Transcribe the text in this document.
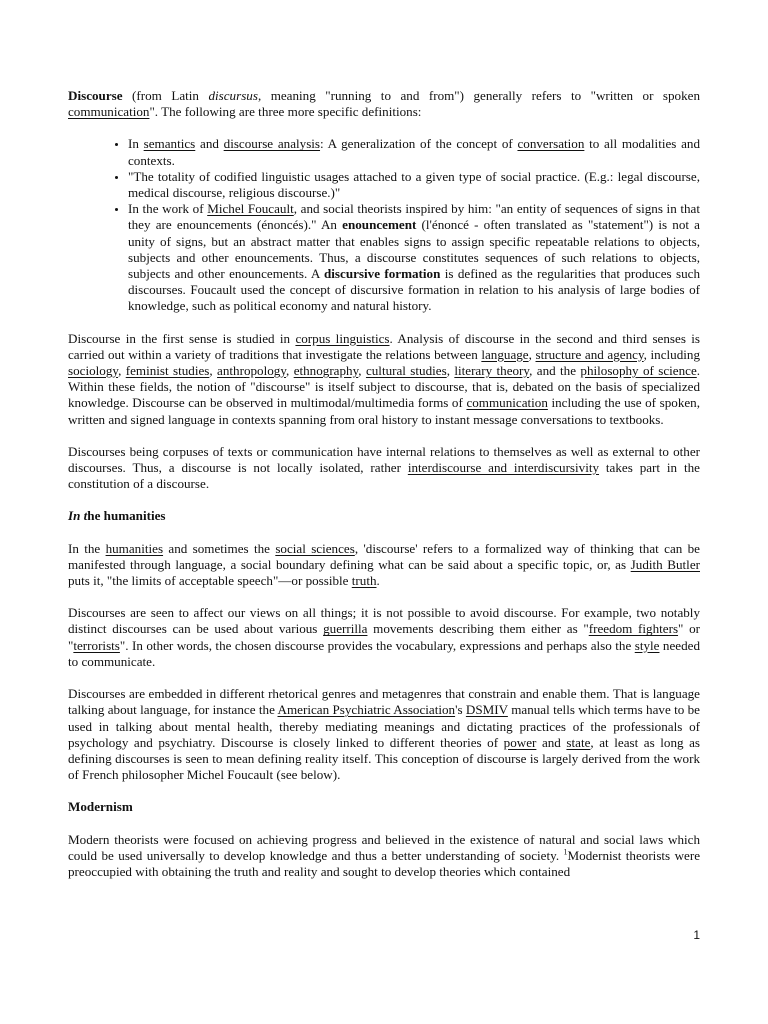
Discourse (from Latin discursus, meaning "running to and from") generally refers to "written or spoken communication". The following are three more specific definitions:

• In semantics and discourse analysis: A generalization of the concept of conversation to all modalities and contexts.
• "The totality of codified linguistic usages attached to a given type of social practice. (E.g.: legal discourse, medical discourse, religious discourse.)"
• In the work of Michel Foucault, and social theorists inspired by him: "an entity of sequences of signs in that they are enouncements (énoncés)." An enouncement (l'énoncé - often translated as "statement") is not a unity of signs, but an abstract matter that enables signs to assign specific repeatable relations to objects, subjects and other enouncements. Thus, a discourse constitutes sequences of such relations to objects, subjects and other enouncements. A discursive formation is defined as the regularities that produces such discourses. Foucault used the concept of discursive formation in relation to his analysis of large bodies of knowledge, such as political economy and natural history.

Discourse in the first sense is studied in corpus linguistics. Analysis of discourse in the second and third senses is carried out within a variety of traditions that investigate the relations between language, structure and agency, including sociology, feminist studies, anthropology, ethnography, cultural studies, literary theory, and the philosophy of science. Within these fields, the notion of "discourse" is itself subject to discourse, that is, debated on the basis of specialized knowledge. Discourse can be observed in multimodal/multimedia forms of communication including the use of spoken, written and signed language in contexts spanning from oral history to instant message conversations to textbooks.

Discourses being corpuses of texts or communication have internal relations to themselves as well as external to other discourses. Thus, a discourse is not locally isolated, rather interdiscourse and interdiscursivity takes part in the constitution of a discourse.

In the humanities

In the humanities and sometimes the social sciences, 'discourse' refers to a formalized way of thinking that can be manifested through language, a social boundary defining what can be said about a specific topic, or, as Judith Butler puts it, "the limits of acceptable speech"—or possible truth.

Discourses are seen to affect our views on all things; it is not possible to avoid discourse. For example, two notably distinct discourses can be used about various guerrilla movements describing them either as "freedom fighters" or "terrorists". In other words, the chosen discourse provides the vocabulary, expressions and perhaps also the style needed to communicate.

Discourses are embedded in different rhetorical genres and metagenres that constrain and enable them. That is language talking about language, for instance the American Psychiatric Association's DSMIV manual tells which terms have to be used in talking about mental health, thereby mediating meanings and dictating practices of the professionals of psychology and psychiatry. Discourse is closely linked to different theories of power and state, at least as long as defining discourses is seen to mean defining reality itself. This conception of discourse is largely derived from the work of French philosopher Michel Foucault (see below).

Modernism

Modern theorists were focused on achieving progress and believed in the existence of natural and social laws which could be used universally to develop knowledge and thus a better understanding of society. $^1$Modernist theorists were preoccupied with obtaining the truth and reality and sought to develop theories which contained

1
